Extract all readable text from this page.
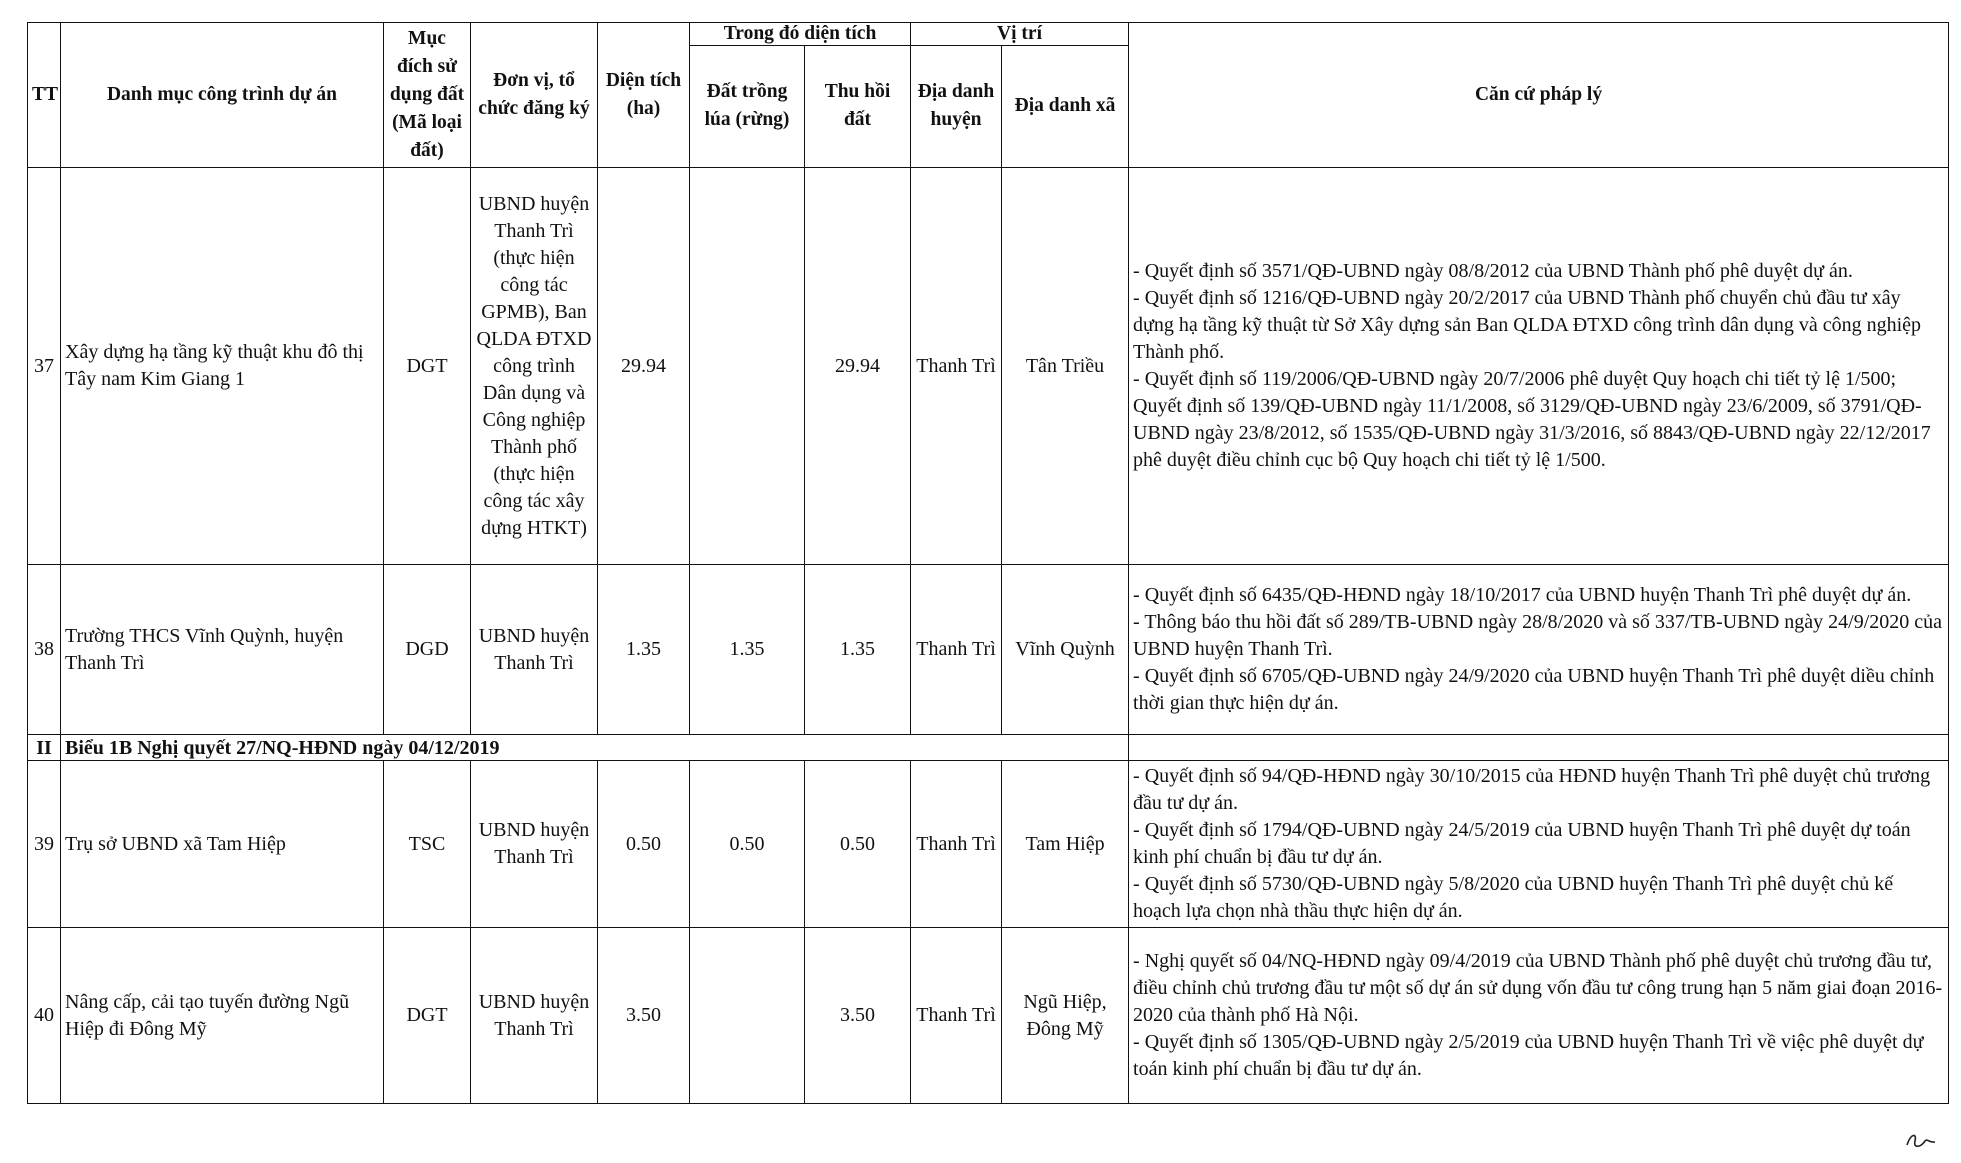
TT	Danh mục công trình dự án	Mục đích sử dụng đất (Mã loại đất)	Đơn vị, tổ chức đăng ký	Diện tích (ha)	Trong đó diện tích		Vị trí		Căn cứ pháp lý
					Đất trồng lúa (rừng)	Thu hồi đất	Địa danh huyện	Địa danh xã	
37	Xây dựng hạ tầng kỹ thuật khu đô thị Tây nam Kim Giang 1	DGT	UBND huyện Thanh Trì (thực hiện công tác GPMB), Ban QLDA ĐTXD công trình Dân dụng và Công nghiệp Thành phố (thực hiện công tác xây dựng HTKT)	29.94		29.94	Thanh Trì	Tân Triều	- Quyết định số 3571/QĐ-UBND ngày 08/8/2012 của UBND Thành phố phê duyệt dự án.
- Quyết định số 1216/QĐ-UBND ngày 20/2/2017 của UBND Thành phố chuyển chủ đầu tư xây dựng hạ tầng kỹ thuật từ Sở Xây dựng sản Ban QLDA ĐTXD công trình dân dụng và công nghiệp Thành phố.
- Quyết định số 119/2006/QĐ-UBND ngày 20/7/2006 phê duyệt Quy hoạch chi tiết tỷ lệ 1/500; Quyết định số 139/QĐ-UBND ngày 11/1/2008, số 3129/QĐ-UBND ngày 23/6/2009, số 3791/QĐ-UBND ngày 23/8/2012, số 1535/QĐ-UBND ngày 31/3/2016, số 8843/QĐ-UBND ngày 22/12/2017 phê duyệt điều chỉnh cục bộ Quy hoạch chi tiết tỷ lệ 1/500.

38	Trường THCS Vĩnh Quỳnh, huyện Thanh Trì	DGD	UBND huyện Thanh Trì	1.35	1.35	1.35	Thanh Trì	Vĩnh Quỳnh	- Quyết định số 6435/QĐ-HĐND ngày 18/10/2017 của UBND huyện Thanh Trì phê duyệt dự án.
- Thông báo thu hồi đất số 289/TB-UBND ngày 28/8/2020 và số 337/TB-UBND ngày 24/9/2020 của UBND huyện Thanh Trì.
- Quyết định số 6705/QĐ-UBND ngày 24/9/2020 của UBND huyện Thanh Trì phê duyệt diều chỉnh thời gian thực hiện dự án.

II	Biểu 1B Nghị quyết 27/NQ-HĐND ngày 04/12/2019								
39	Trụ sở UBND xã Tam Hiệp	TSC	UBND huyện Thanh Trì	0.50	0.50	0.50	Thanh Trì	Tam Hiệp	- Quyết định số 94/QĐ-HĐND ngày 30/10/2015 của HĐND huyện Thanh Trì phê duyệt chủ trương đầu tư dự án.
- Quyết định số 1794/QĐ-UBND ngày 24/5/2019 của UBND huyện Thanh Trì phê duyệt dự toán kinh phí chuẩn bị đầu tư dự án.
- Quyết định số 5730/QĐ-UBND ngày 5/8/2020 của UBND huyện Thanh Trì phê duyệt chủ kế hoạch lựa chọn nhà thầu thực hiện dự án.

40	Nâng cấp, cải tạo tuyến đường Ngũ Hiệp đi Đông Mỹ	DGT	UBND huyện Thanh Trì	3.50		3.50	Thanh Trì	Ngũ Hiệp, Đông Mỹ	- Nghị quyết số 04/NQ-HĐND ngày 09/4/2019 của UBND Thành phố phê duyệt chủ trương đầu tư, điều chỉnh chủ trương đầu tư một số dự án sử dụng vốn đầu tư công trung hạn 5 năm giai đoạn 2016-2020 của thành phố Hà Nội.
- Quyết định số 1305/QĐ-UBND ngày 2/5/2019 của UBND huyện Thanh Trì về việc phê duyệt dự toán kinh phí chuẩn bị đầu tư dự án.
